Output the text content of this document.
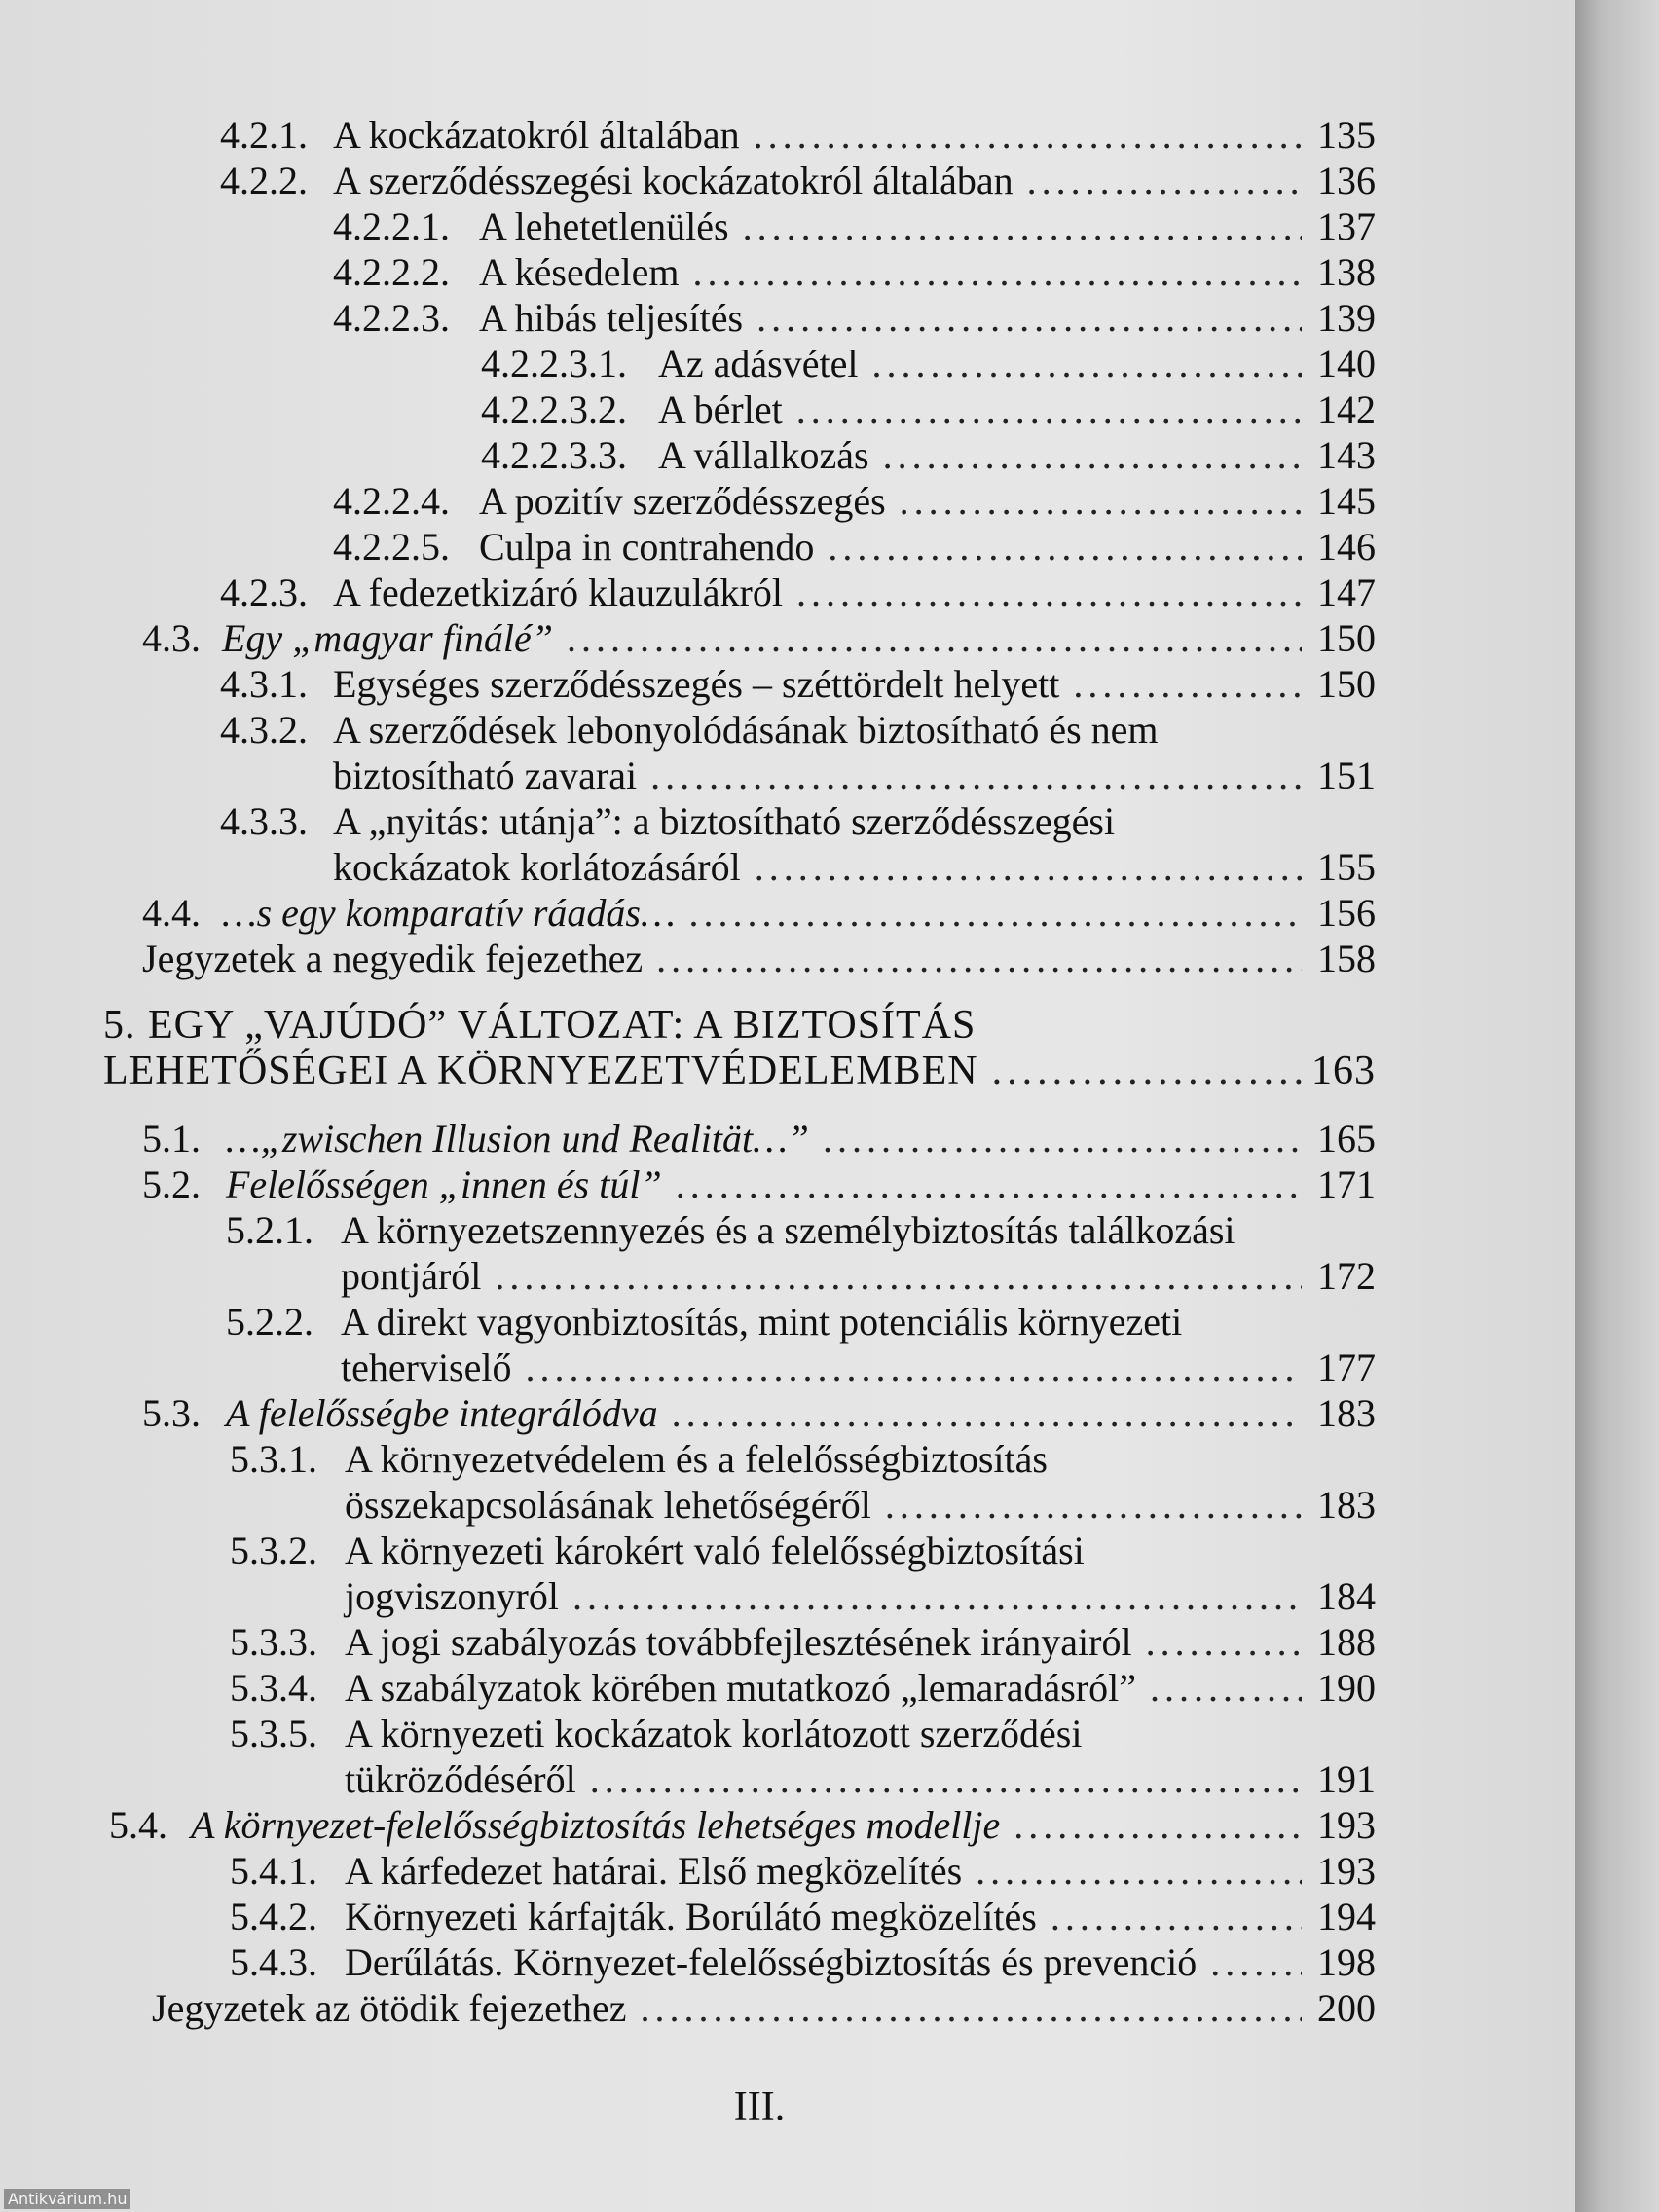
4.2.1. A kockázatokról általában .....	135
4.2.2. A szerződésszegési kockázatokról általában .....	136
4.2.2.1. A lehetetlenülés .....	137
4.2.2.2. A késedelem .....	138
4.2.2.3. A hibás teljesítés .....	139
4.2.2.3.1. Az adásvétel .....	140
4.2.2.3.2. A bérlet .....	142
4.2.2.3.3. A vállalkozás .....	143
4.2.2.4. A pozitív szerződésszegés .....	145
4.2.2.5. Culpa in contrahendo .....	146
4.2.3. A fedezetkizáró klauzulákról .....	147
4.3. Egy „magyar finálé” .....	150
4.3.1. Egységes szerződésszegés – széttördelt helyett .....	150
4.3.2. A szerződések lebonyolódásának biztosítható és nem
biztosítható zavarai .....	151
4.3.3. A „nyitás: utánja”: a biztosítható szerződésszegési
kockázatok korlátozásáról .....	155
4.4. …s egy komparatív ráadás… .....	156
Jegyzetek a negyedik fejezethez .....	158
5. EGY „VAJÚDÓ” VÁLTOZAT: A BIZTOSÍTÁS
LEHETŐSÉGEI A KÖRNYEZETVÉDELEMBEN .....	163
5.1. …„zwischen Illusion und Realität…” .....	165
5.2. Felelősségen „innen és túl” .....	171
5.2.1. A környezetszennyezés és a személybiztosítás találkozási
pontjáról .....	172
5.2.2. A direkt vagyonbiztosítás, mint potenciális környezeti
teherviselő .....	177
5.3. A felelősségbe integrálódva .....	183
5.3.1. A környezetvédelem és a felelősségbiztosítás
összekapcsolásának lehetőségéről .....	183
5.3.2. A környezeti károkért való felelősségbiztosítási
jogviszonyról .....	184
5.3.3. A jogi szabályozás továbbfejlesztésének irányairól .....	188
5.3.4. A szabályzatok körében mutatkozó „lemaradásról” .....	190
5.3.5. A környezeti kockázatok korlátozott szerződési
tükröződéséről .....	191
5.4. A környezet-felelősségbiztosítás lehetséges modellje .....	193
5.4.1. A kárfedezet határai. Első megközelítés .....	193
5.4.2. Környezeti kárfajták. Borúlátó megközelítés .....	194
5.4.3. Derűlátás. Környezet-felelősségbiztosítás és prevenció .....	198
Jegyzetek az ötödik fejezethez .....	200
III.
Antikvárium.hu
